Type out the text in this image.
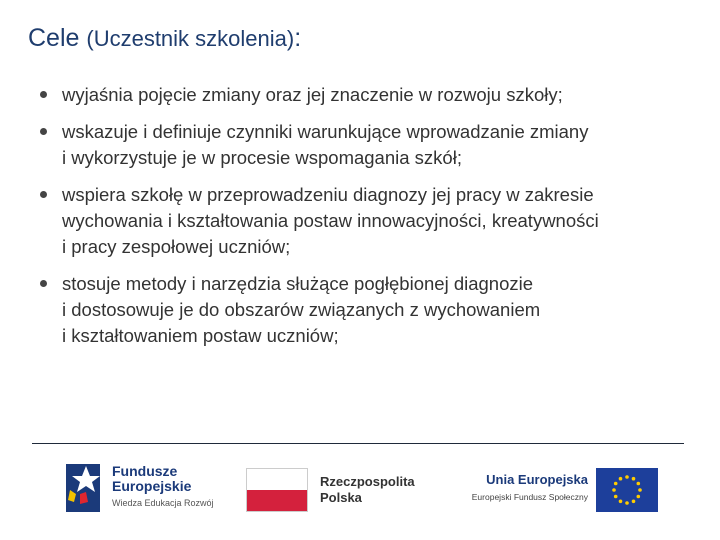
Cele (Uczestnik szkolenia):
wyjaśnia pojęcie zmiany oraz jej znaczenie w rozwoju szkoły;
wskazuje i definiuje czynniki warunkujące wprowadzanie zmiany
i wykorzystuje je w procesie wspomagania szkół;
wspiera szkołę w przeprowadzeniu diagnozy jej pracy w zakresie
wychowania i kształtowania postaw innowacyjności, kreatywności
i pracy zespołowej uczniów;
stosuje metody i narzędzia służące pogłębionej diagnozie
i dostosowuje je do obszarów związanych z wychowaniem
i kształtowaniem postaw uczniów;
Fundusze
Europejskie
Wiedza Edukacja Rozwój
Rzeczpospolita
Polska
Unia Europejska
Europejski Fundusz Społeczny
